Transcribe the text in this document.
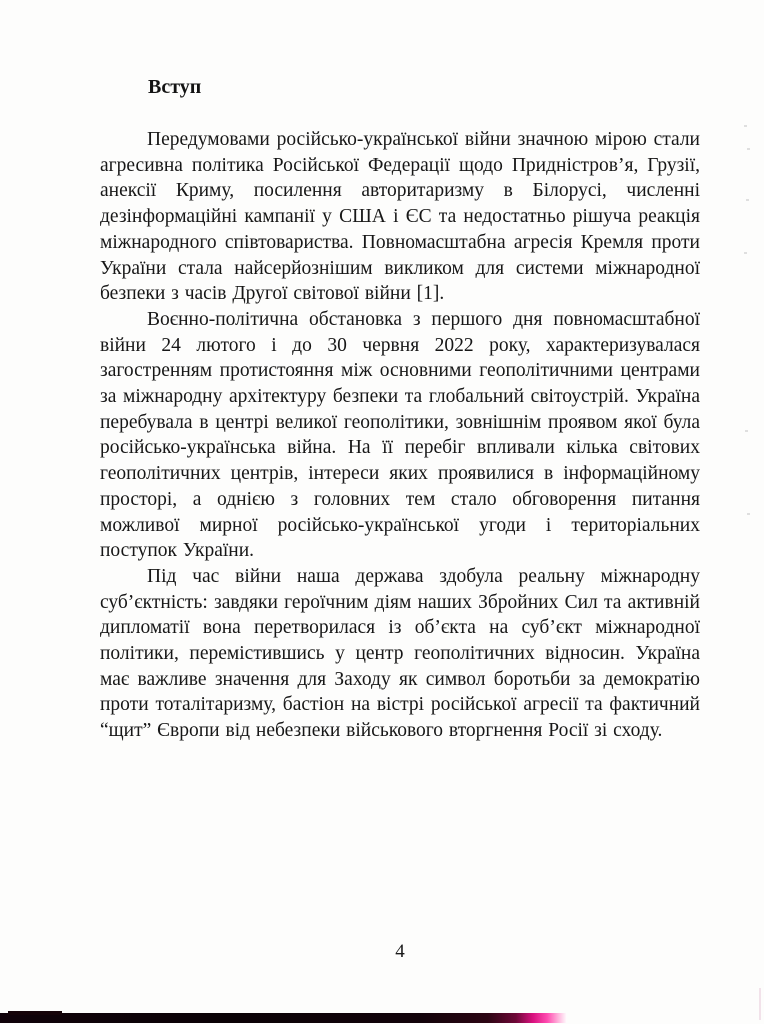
Вступ

Передумовами російсько-української війни значною мірою стали агресивна політика Російської Федерації щодо Придністров’я, Грузії, анексії Криму, посилення авторитаризму в Білорусі, численні дезінформаційні кампанії у США і ЄС та недостатньо рішуча реакція міжнародного співтовариства. Повномасштабна агресія Кремля проти України стала найсерйознішим викликом для системи міжнародної безпеки з часів Другої світової війни [1].

Воєнно-політична обстановка з першого дня повномасштабної війни 24 лютого і до 30 червня 2022 року, характеризувалася загостренням протистояння між основними геополітичними центрами за міжнародну архітектуру безпеки та глобальний світоустрій. Україна перебувала в центрі великої геополітики, зовнішнім проявом якої була російсько-українська війна. На її перебіг впливали кілька світових геополітичних центрів, інтереси яких проявилися в інформаційному просторі, а однією з головних тем стало обговорення питання можливої мирної російсько-української угоди і територіальних поступок України.

Під час війни наша держава здобула реальну міжнародну суб’єктність: завдяки героїчним діям наших Збройних Сил та активній дипломатії вона перетворилася із об’єкта на суб’єкт міжнародної політики, перемістившись у центр геополітичних відносин. Україна має важливе значення для Заходу як символ боротьби за демократію проти тоталітаризму, бастіон на вістрі російської агресії та фактичний “щит” Європи від небезпеки військового вторгнення Росії зі сходу.

4
